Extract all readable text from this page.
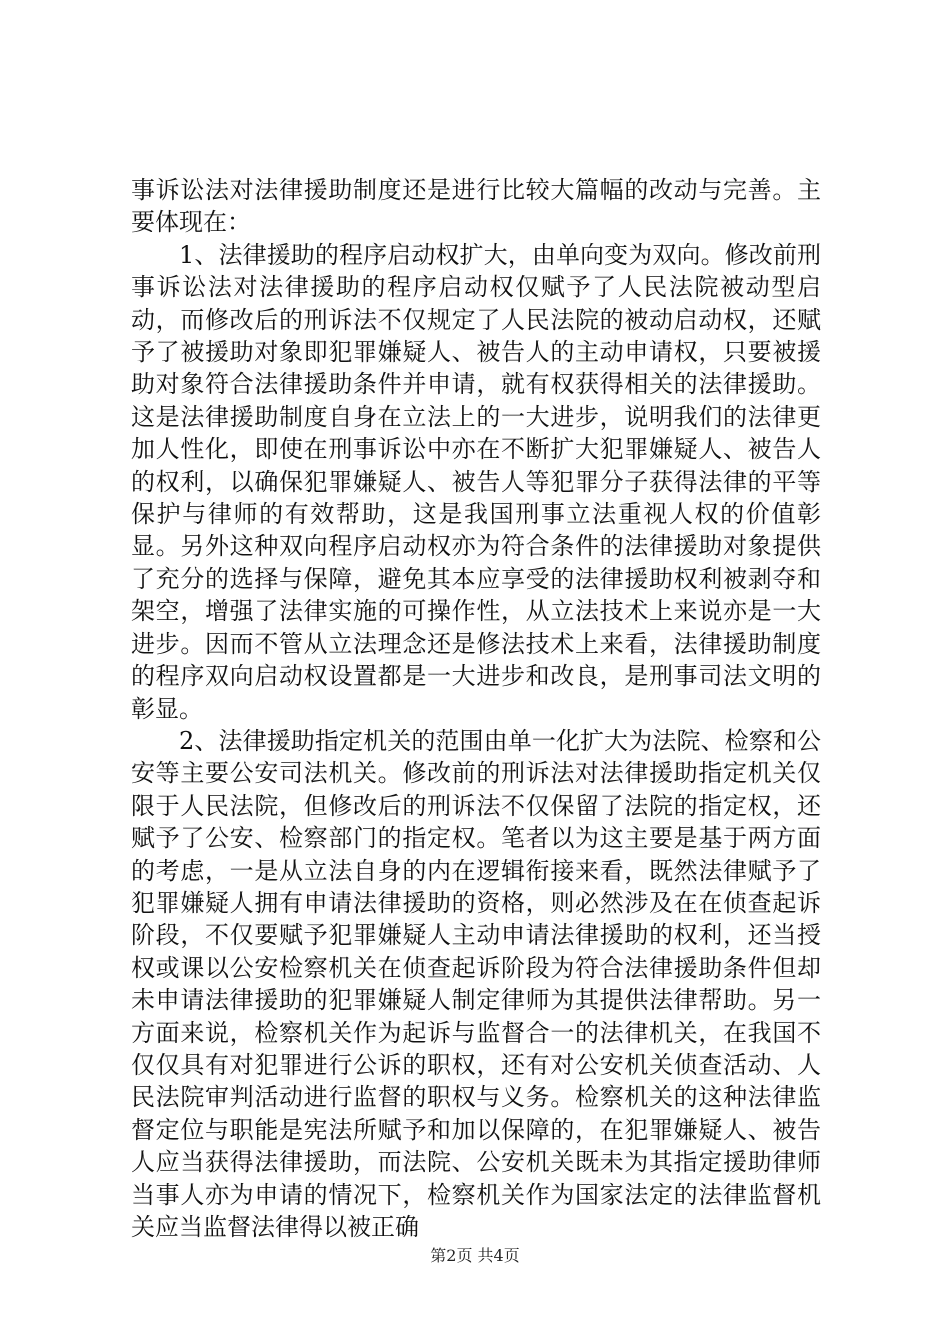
事诉讼法对法律援助制度还是进行比较大篇幅的改动与完善。主要体现在：

1、法律援助的程序启动权扩大，由单向变为双向。修改前刑事诉讼法对法律援助的程序启动权仅赋予了人民法院被动型启动，而修改后的刑诉法不仅规定了人民法院的被动启动权，还赋予了被援助对象即犯罪嫌疑人、被告人的主动申请权，只要被援助对象符合法律援助条件并申请，就有权获得相关的法律援助。这是法律援助制度自身在立法上的一大进步，说明我们的法律更加人性化，即使在刑事诉讼中亦在不断扩大犯罪嫌疑人、被告人的权利，以确保犯罪嫌疑人、被告人等犯罪分子获得法律的平等保护与律师的有效帮助，这是我国刑事立法重视人权的价值彰显。另外这种双向程序启动权亦为符合条件的法律援助对象提供了充分的选择与保障，避免其本应享受的法律援助权利被剥夺和架空，增强了法律实施的可操作性，从立法技术上来说亦是一大进步。因而不管从立法理念还是修法技术上来看，法律援助制度的程序双向启动权设置都是一大进步和改良，是刑事司法文明的彰显。

2、法律援助指定机关的范围由单一化扩大为法院、检察和公安等主要公安司法机关。修改前的刑诉法对法律援助指定机关仅限于人民法院，但修改后的刑诉法不仅保留了法院的指定权，还赋予了公安、检察部门的指定权。笔者以为这主要是基于两方面的考虑，一是从立法自身的内在逻辑衔接来看，既然法律赋予了犯罪嫌疑人拥有申请法律援助的资格，则必然涉及在在侦查起诉阶段，不仅要赋予犯罪嫌疑人主动申请法律援助的权利，还当授权或课以公安检察机关在侦查起诉阶段为符合法律援助条件但却未申请法律援助的犯罪嫌疑人制定律师为其提供法律帮助。另一方面来说，检察机关作为起诉与监督合一的法律机关，在我国不仅仅具有对犯罪进行公诉的职权，还有对公安机关侦查活动、人民法院审判活动进行监督的职权与义务。检察机关的这种法律监督定位与职能是宪法所赋予和加以保障的，在犯罪嫌疑人、被告人应当获得法律援助，而法院、公安机关既未为其指定援助律师当事人亦为申请的情况下，检察机关作为国家法定的法律监督机关应当监督法律得以被正确

第2页 共4页
